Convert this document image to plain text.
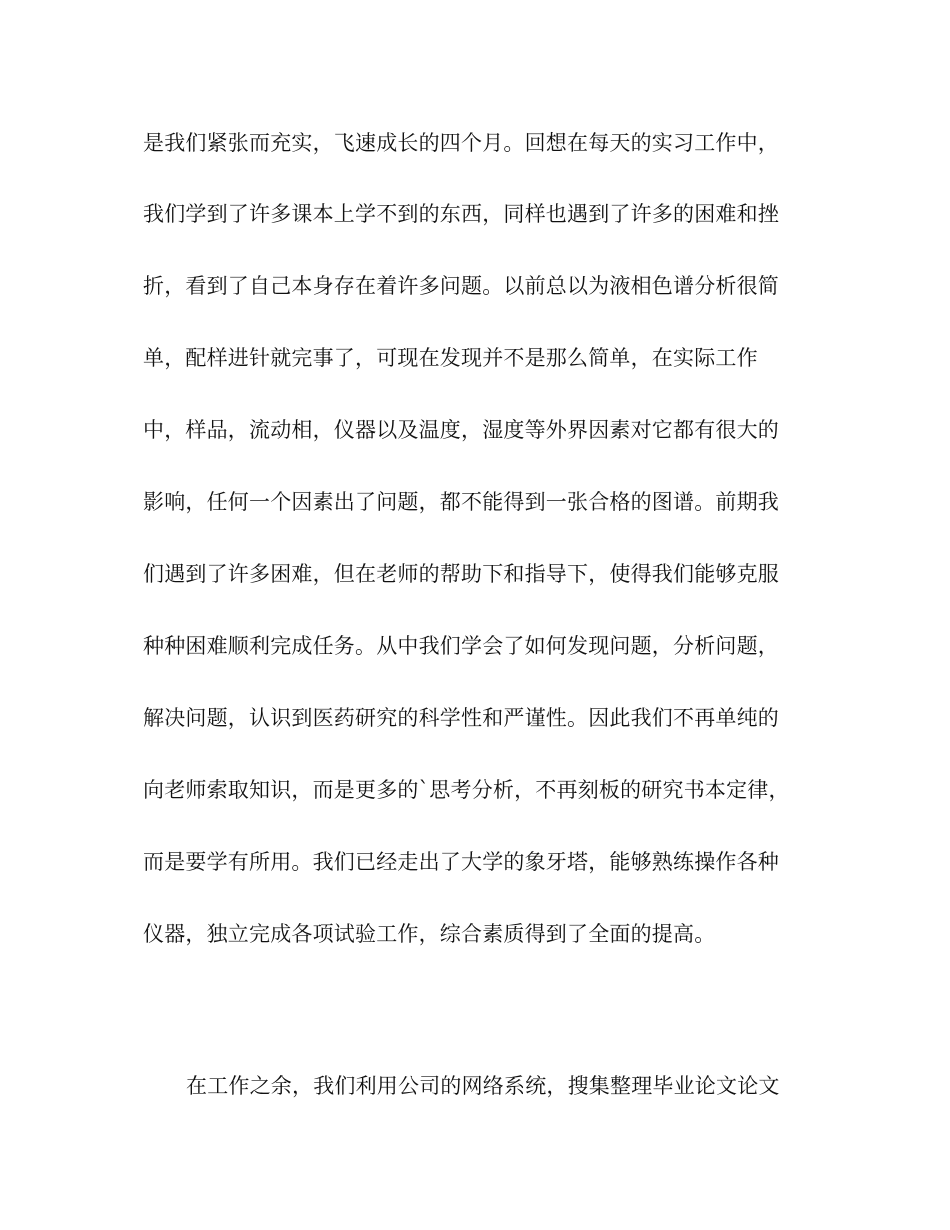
是我们紧张而充实，飞速成长的四个月。回想在每天的实习工作中，
我们学到了许多课本上学不到的东西，同样也遇到了许多的困难和挫
折，看到了自己本身存在着许多问题。以前总以为液相色谱分析很简
单，配样进针就完事了，可现在发现并不是那么简单，在实际工作
中，样品，流动相，仪器以及温度，湿度等外界因素对它都有很大的
影响，任何一个因素出了问题，都不能得到一张合格的图谱。前期我
们遇到了许多困难，但在老师的帮助下和指导下，使得我们能够克服
种种困难顺利完成任务。从中我们学会了如何发现问题，分析问题，
解决问题，认识到医药研究的科学性和严谨性。因此我们不再单纯的
向老师索取知识，而是更多的`思考分析，不再刻板的研究书本定律，
而是要学有所用。我们已经走出了大学的象牙塔，能够熟练操作各种
仪器，独立完成各项试验工作，综合素质得到了全面的提高。
在工作之余，我们利用公司的网络系统，搜集整理毕业论文论文
